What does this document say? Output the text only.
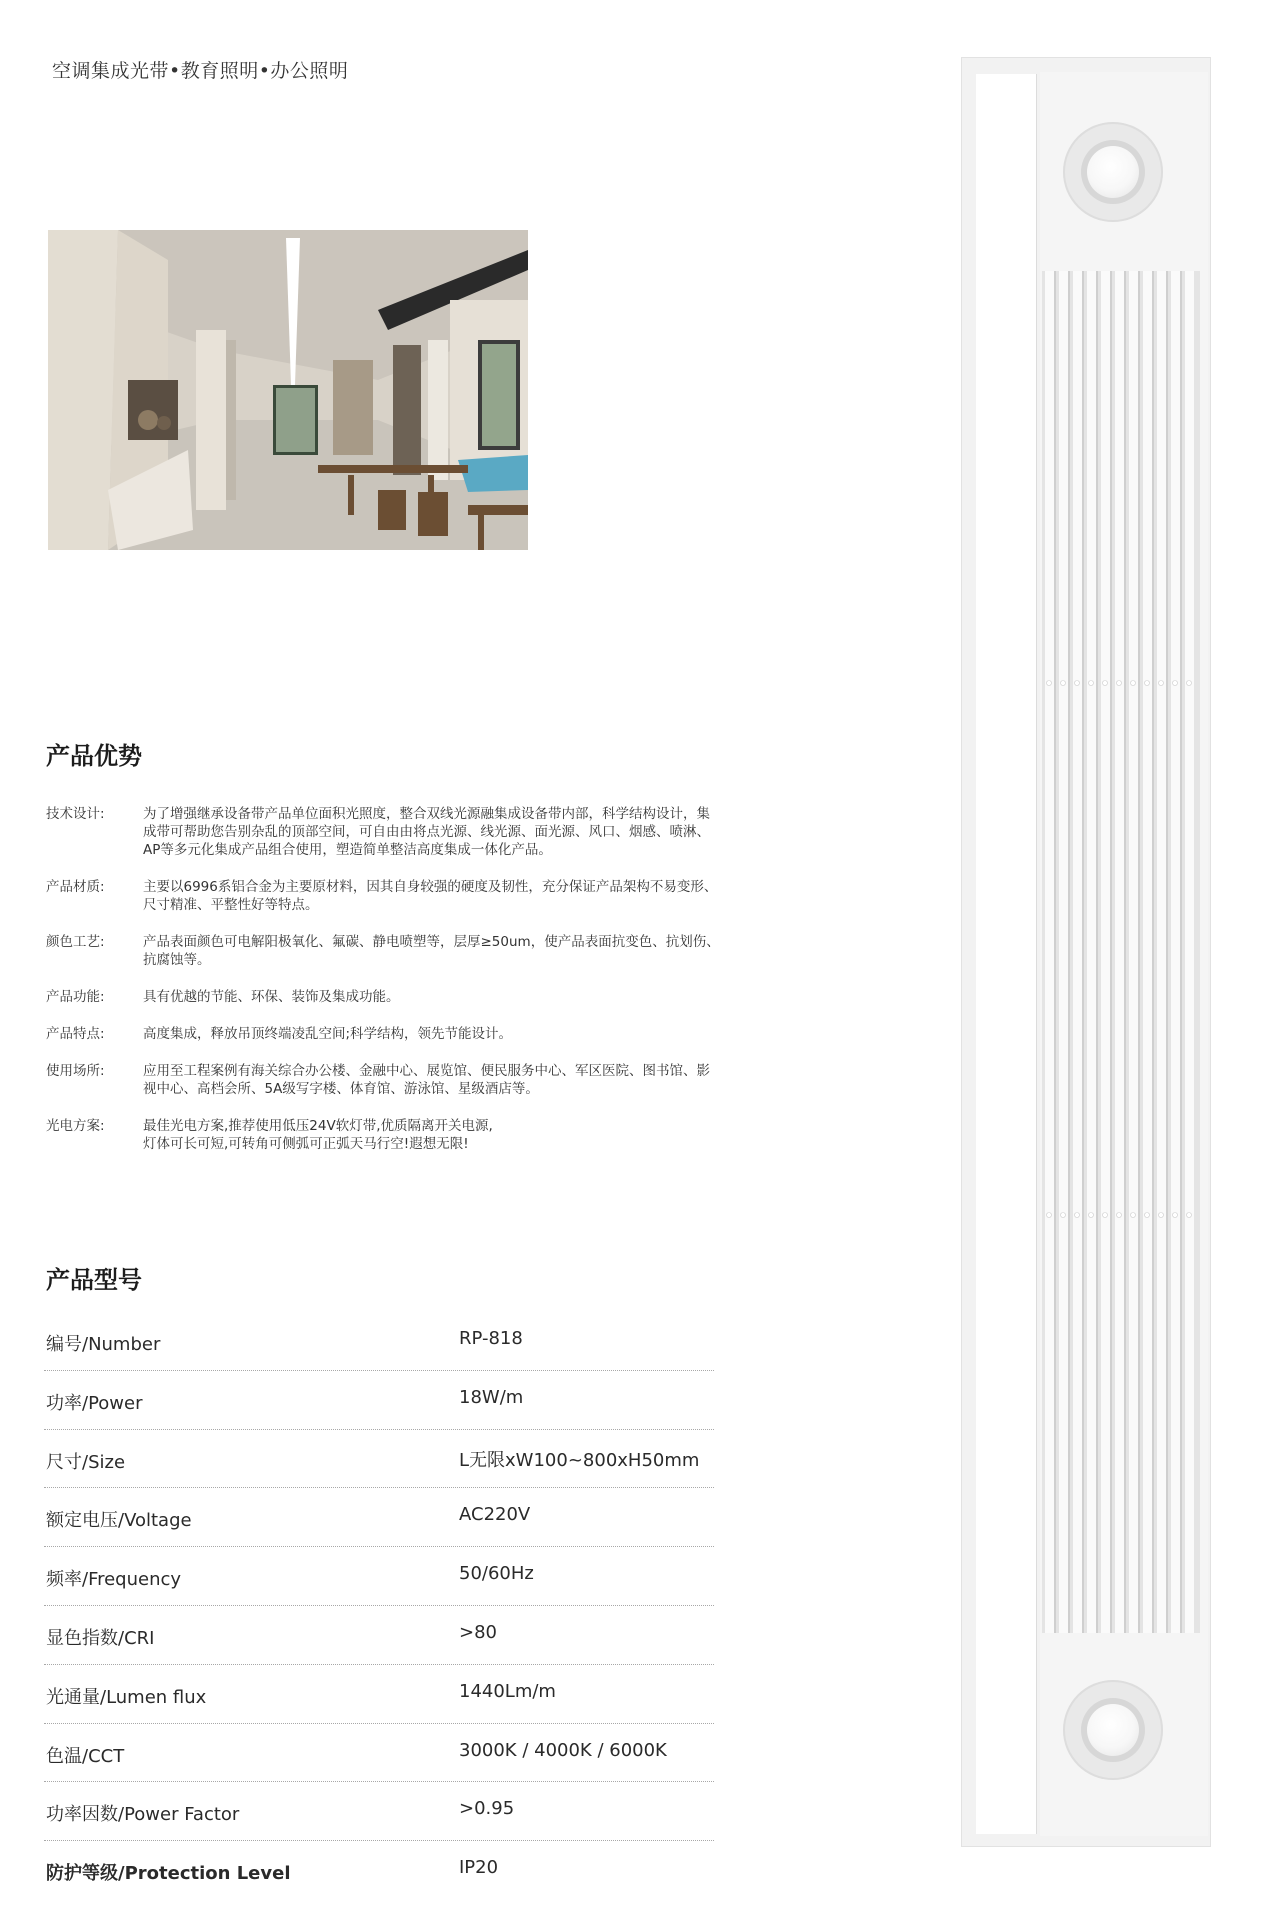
空调集成光带•教育照明•办公照明
产品优势
技术设计:	为了增强继承设备带产品单位面积光照度，整合双线光源融集成设备带内部，科学结构设计，集成带可帮助您告别杂乱的顶部空间，可自由由将点光源、线光源、面光源、风口、烟感、喷淋、AP等多元化集成产品组合使用，塑造简单整洁高度集成一体化产品。
产品材质:	主要以6996系铝合金为主要原材料，因其自身较强的硬度及韧性，充分保证产品架构不易变形、尺寸精准、平整性好等特点。
颜色工艺:	产品表面颜色可电解阳极氧化、氟碳、静电喷塑等，层厚≥50um，使产品表面抗变色、抗划伤、抗腐蚀等。
产品功能:	具有优越的节能、环保、装饰及集成功能。
产品特点:	高度集成，释放吊顶终端凌乱空间;科学结构，领先节能设计。
使用场所:	应用至工程案例有海关综合办公楼、金融中心、展览馆、便民服务中心、军区医院、图书馆、影视中心、高档会所、5A级写字楼、体育馆、游泳馆、星级酒店等。
光电方案:	最佳光电方案,推荐使用低压24V软灯带,优质隔离开关电源,
灯体可长可短,可转角可侧弧可正弧天马行空!遐想无限!
产品型号
编号/Number	RP-818
功率/Power	18W/m
尺寸/Size	L无限xW100~800xH50mm
额定电压/Voltage	AC220V
频率/Frequency	50/60Hz
显色指数/CRI	>80
光通量/Lumen flux	1440Lm/m
色温/CCT	3000K / 4000K / 6000K
功率因数/Power Factor	>0.95
防护等级/Protection Level	IP20
